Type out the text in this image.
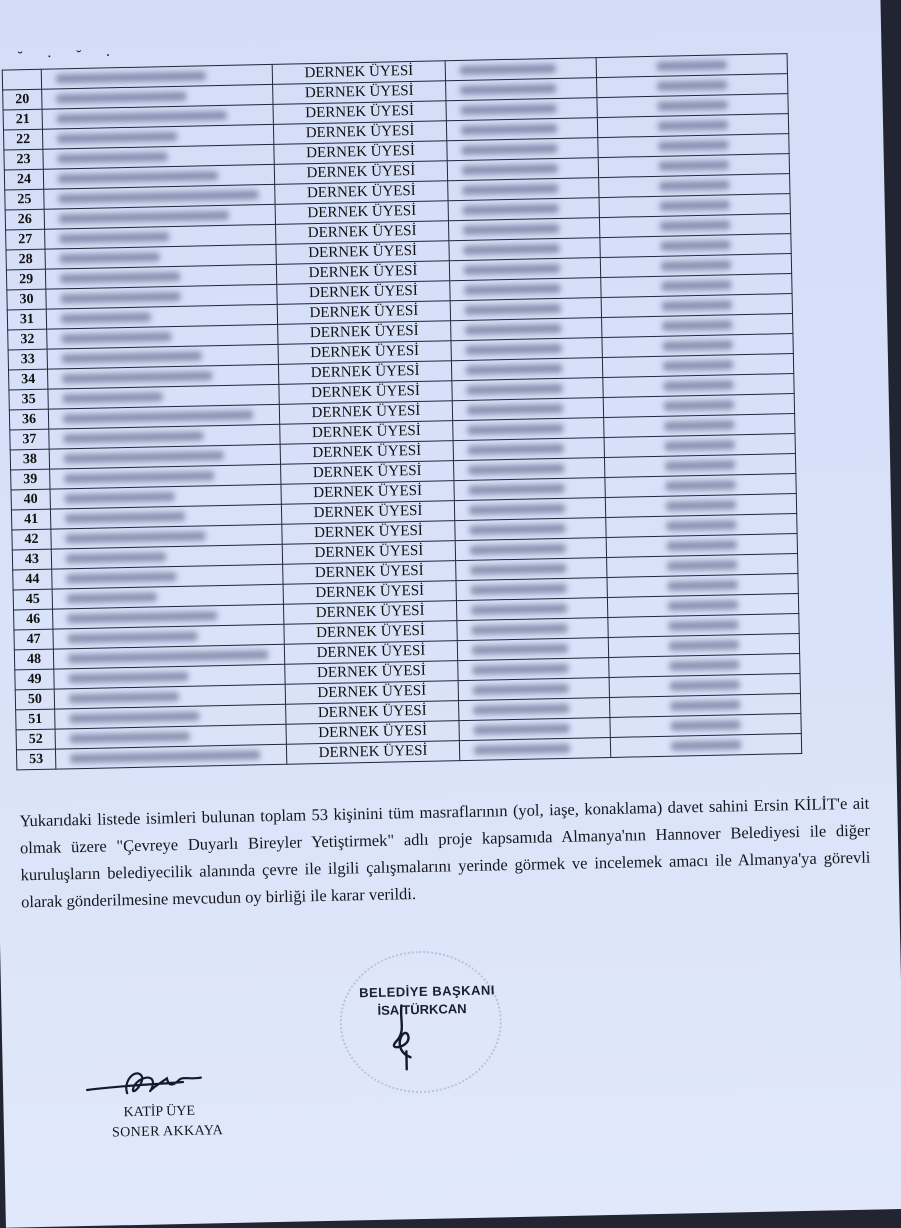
˘ · ˘ ·
		DERNEK ÜYESİ		
20		DERNEK ÜYESİ		
21		DERNEK ÜYESİ		
22		DERNEK ÜYESİ		
23		DERNEK ÜYESİ		
24		DERNEK ÜYESİ		
25		DERNEK ÜYESİ		
26		DERNEK ÜYESİ		
27		DERNEK ÜYESİ		
28		DERNEK ÜYESİ		
29		DERNEK ÜYESİ		
30		DERNEK ÜYESİ		
31		DERNEK ÜYESİ		
32		DERNEK ÜYESİ		
33		DERNEK ÜYESİ		
34		DERNEK ÜYESİ		
35		DERNEK ÜYESİ		
36		DERNEK ÜYESİ		
37		DERNEK ÜYESİ		
38		DERNEK ÜYESİ		
39		DERNEK ÜYESİ		
40		DERNEK ÜYESİ		
41		DERNEK ÜYESİ		
42		DERNEK ÜYESİ		
43		DERNEK ÜYESİ		
44		DERNEK ÜYESİ		
45		DERNEK ÜYESİ		
46		DERNEK ÜYESİ		
47		DERNEK ÜYESİ		
48		DERNEK ÜYESİ		
49		DERNEK ÜYESİ		
50		DERNEK ÜYESİ		
51		DERNEK ÜYESİ		
52		DERNEK ÜYESİ		
53		DERNEK ÜYESİ		

Yukarıdaki listede isimleri bulunan toplam 53 kişinini tüm masraflarının (yol, iaşe, konaklama) davet sahini Ersin KİLİT'e ait olmak üzere "Çevreye Duyarlı Bireyler Yetiştirmek" adlı proje kapsamıda Almanya'nın Hannover Belediyesi ile diğer kuruluşların belediyecilik alanında çevre ile ilgili çalışmalarını yerinde görmek ve incelemek amacı ile Almanya'ya görevli olarak gönderilmesine mevcudun oy birliği ile karar verildi.

BELEDİYE BAŞKANI
İSA TÜRKCAN
KATİP ÜYE
SONER AKKAYA
